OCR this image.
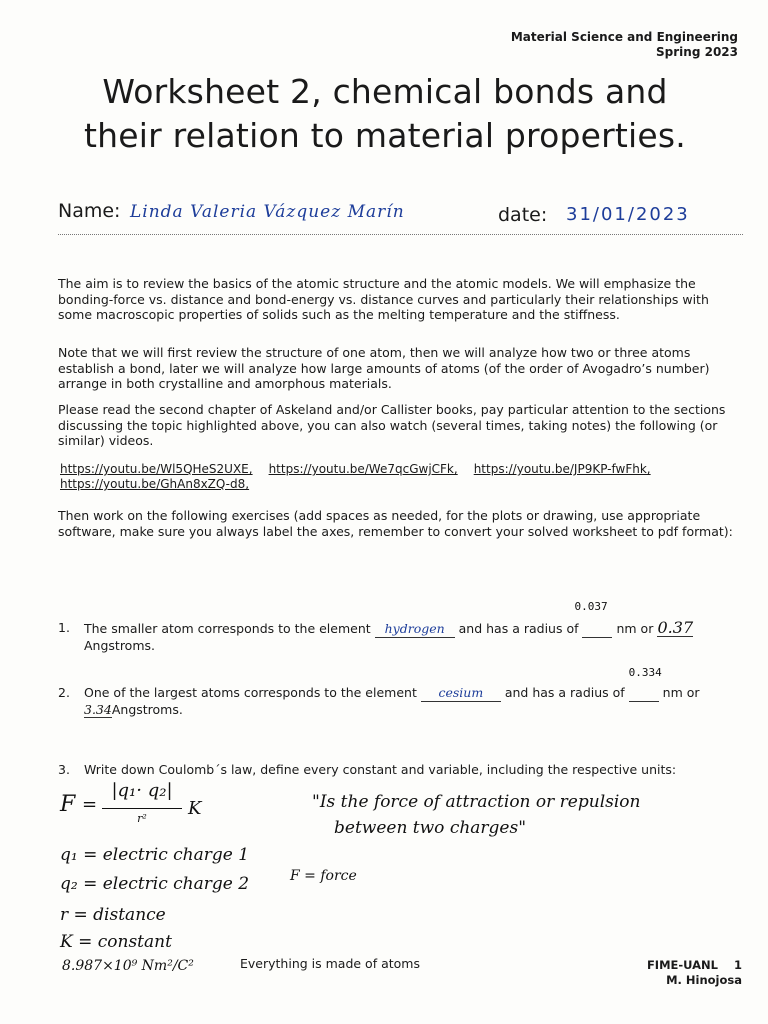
Material Science and Engineering
Spring 2023
Worksheet 2, chemical bonds and
their relation to material properties.
Name: Linda Valeria Vázquez Marín	date: 31/01/2023
The aim is to review the basics of the atomic structure and the atomic models. We will emphasize the bonding-force vs. distance and bond-energy vs. distance curves and particularly their relationships with some macroscopic properties of solids such as the melting temperature and the stiffness.
Note that we will first review the structure of one atom, then we will analyze how two or three atoms establish a bond, later we will analyze how large amounts of atoms (of the order of Avogadro’s number) arrange in both crystalline and amorphous materials.
Please read the second chapter of Askeland and/or Callister books, pay particular attention to the sections discussing the topic highlighted above, you can also watch (several times, taking notes) the following (or similar) videos.
https://youtu.be/Wl5QHeS2UXE, https://youtu.be/We7qcGwjCFk, https://youtu.be/JP9KP-fwFhk,
https://youtu.be/GhAn8xZQ-d8,
Then work on the following exercises (add spaces as needed, for the plots or drawing, use appropriate software, make sure you always label the axes, remember to convert your solved worksheet to pdf format):
1. The smaller atom corresponds to the element hydrogen and has a radius of
0.037
nm or 0.37
Angstroms.
2. One of the largest atoms corresponds to the element cesium and has a radius of
0.334
nm or
3.34Angstroms.
3. Write down Coulomb´s law, define every constant and variable, including the respective units:
F =
|q₁· q₂|
r²	K	"Is the force of attraction or repulsion
between two charges"
q₁ = electric charge 1
q₂ = electric charge 2	F = force
r = distance
K = constant
8.987×10⁹ Nm²/C²	Everything is made of atoms	FIME-UANL    1
M. Hinojosa
